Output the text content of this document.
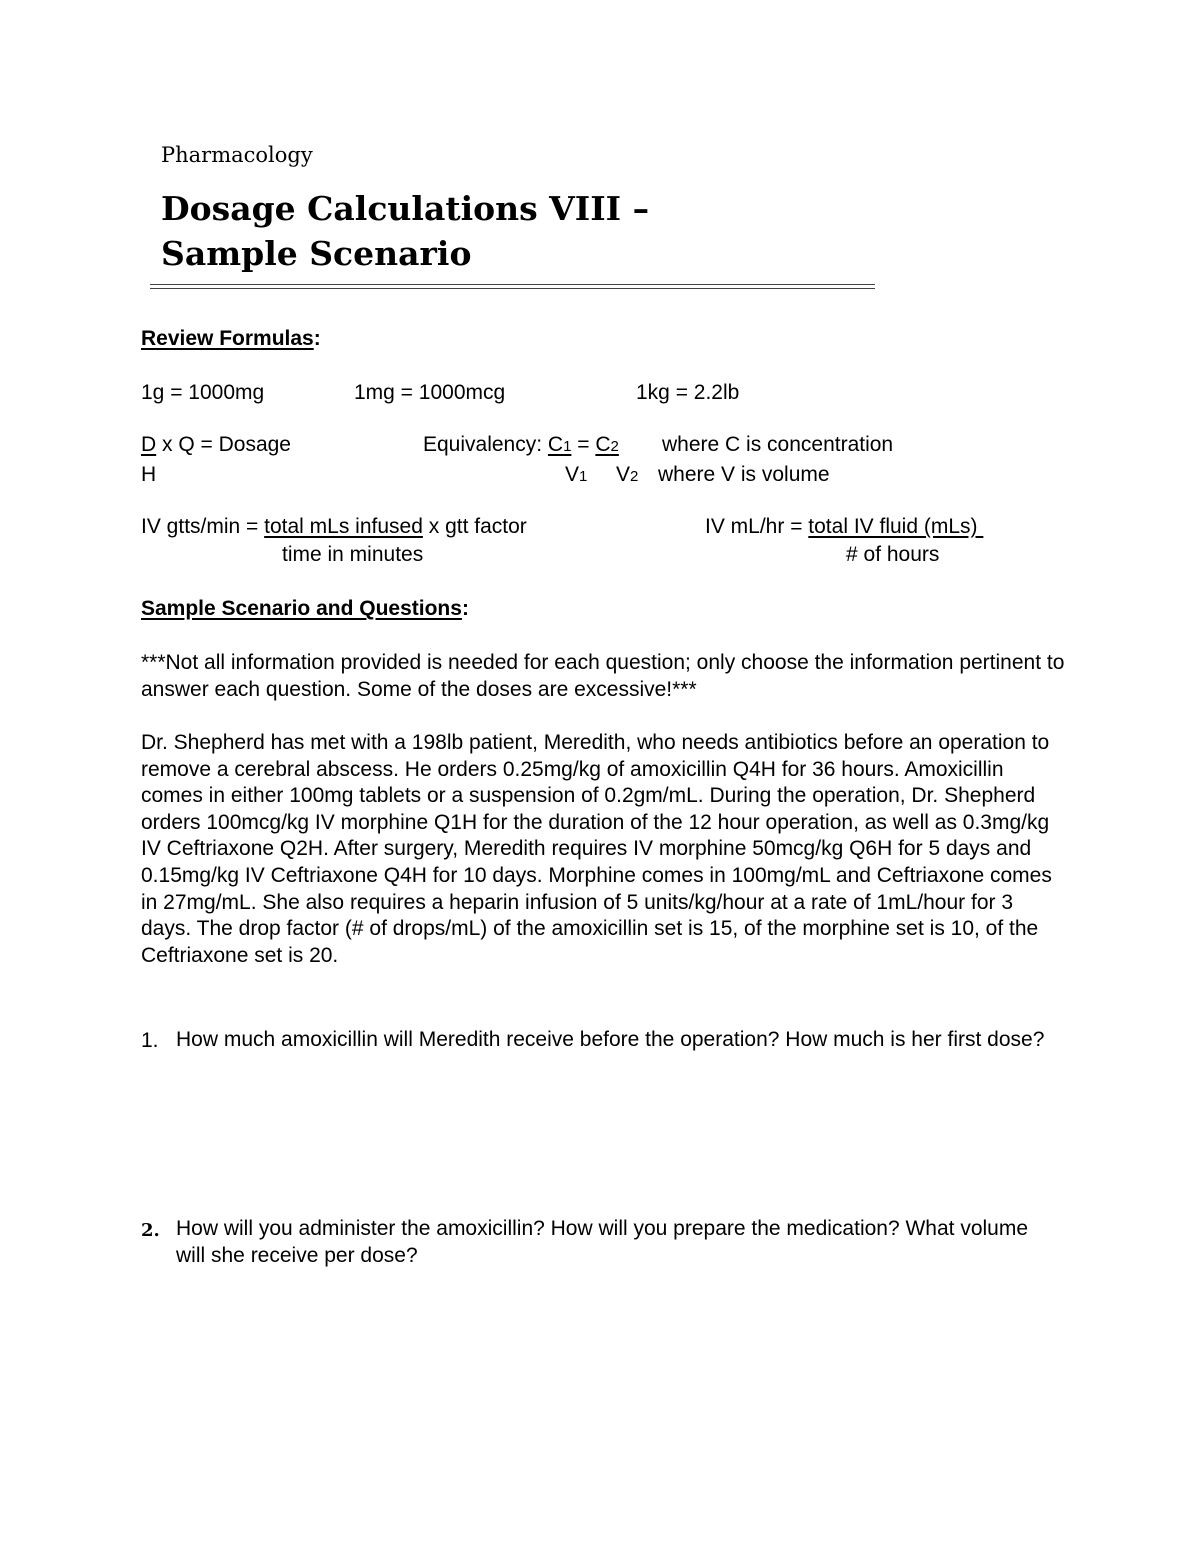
Pharmacology
Dosage Calculations VIII –
Sample Scenario
Review Formulas:
1g = 1000mg	1mg = 1000mcg	1kg = 2.2lb
D x Q = Dosage
H
Equivalency: C1 = C2 where C is concentration
V1 V2 where V is volume
IV gtts/min = total mLs infused x gtt factor
time in minutes
IV mL/hr = total IV fluid (mLs)
# of hours
Sample Scenario and Questions:
***Not all information provided is needed for each question; only choose the information pertinent to answer each question. Some of the doses are excessive!***
Dr. Shepherd has met with a 198lb patient, Meredith, who needs antibiotics before an operation to remove a cerebral abscess. He orders 0.25mg/kg of amoxicillin Q4H for 36 hours. Amoxicillin comes in either 100mg tablets or a suspension of 0.2gm/mL. During the operation, Dr. Shepherd orders 100mcg/kg IV morphine Q1H for the duration of the 12 hour operation, as well as 0.3mg/kg IV Ceftriaxone Q2H. After surgery, Meredith requires IV morphine 50mcg/kg Q6H for 5 days and 0.15mg/kg IV Ceftriaxone Q4H for 10 days. Morphine comes in 100mg/mL and Ceftriaxone comes in 27mg/mL. She also requires a heparin infusion of 5 units/kg/hour at a rate of 1mL/hour for 3 days. The drop factor (# of drops/mL) of the amoxicillin set is 15, of the morphine set is 10, of the Ceftriaxone set is 20.
1. How much amoxicillin will Meredith receive before the operation? How much is her first dose?
2. How will you administer the amoxicillin? How will you prepare the medication? What volume will she receive per dose?
